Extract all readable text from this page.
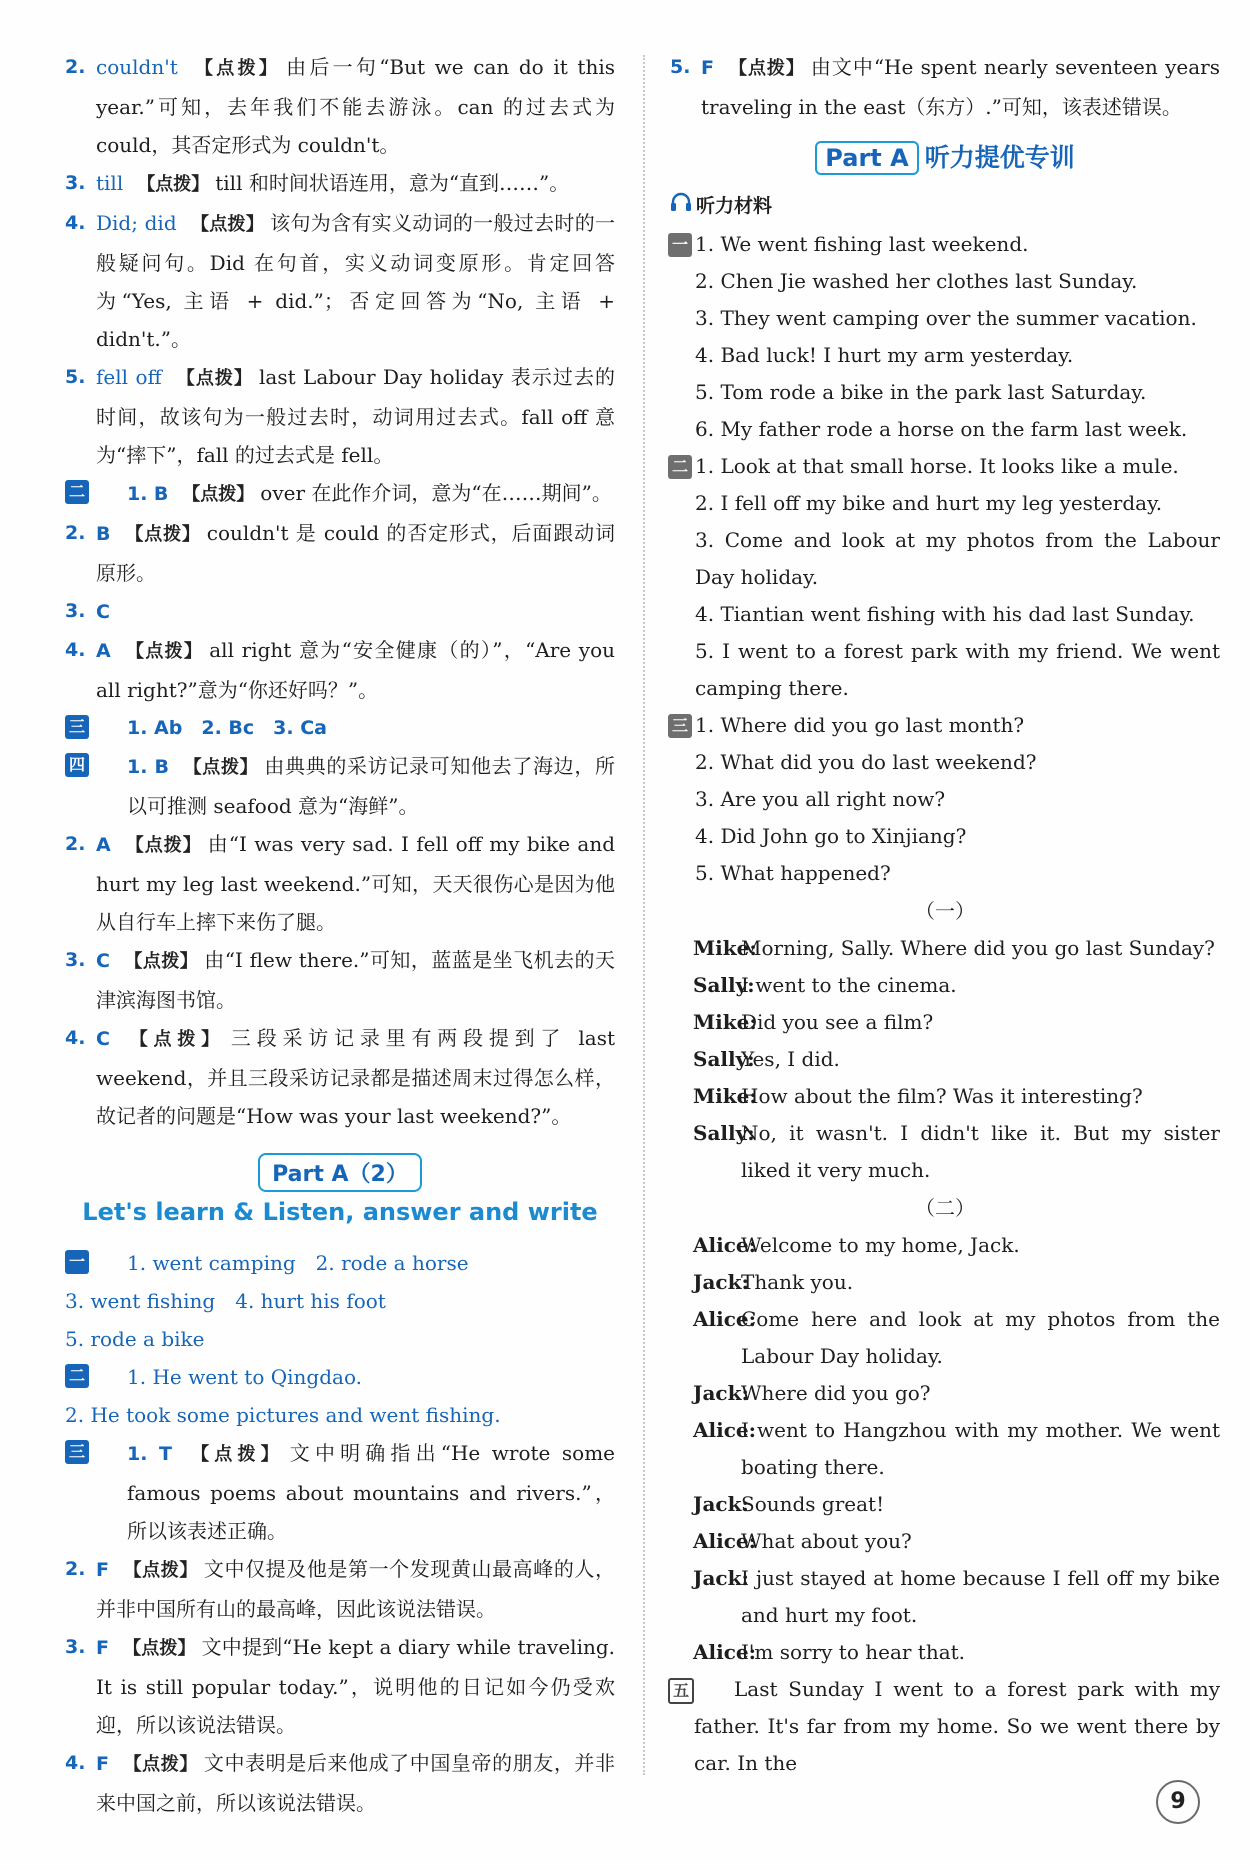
2. couldn't 【点拨】 由后一句“But we can do it this year.”可知，去年我们不能去游泳。can 的过去式为 could，其否定形式为 couldn't。
3. till 【点拨】 till 和时间状语连用，意为“直到……”。
4. Did; did 【点拨】 该句为含有实义动词的一般过去时的一般疑问句。Did 在句首，实义动词变原形。肯定回答为“Yes, 主语 + did.”；否定回答为“No, 主语 + didn't.”。
5. fell off 【点拨】 last Labour Day holiday 表示过去的时间，故该句为一般过去时，动词用过去式。fall off 意为“摔下”，fall 的过去式是 fell。
二	1. B 【点拨】 over 在此作介词，意为“在……期间”。
2. B 【点拨】 couldn't 是 could 的否定形式，后面跟动词原形。
3. C
4. A 【点拨】 all right 意为“安全健康（的）”，“Are you all right?”意为“你还好吗？”。
三	1. Ab　2. Bc　3. Ca
四	1. B 【点拨】 由典典的采访记录可知他去了海边，所以可推测 seafood 意为“海鲜”。
2. A 【点拨】 由“I was very sad. I fell off my bike and hurt my leg last weekend.”可知，天天很伤心是因为他从自行车上摔下来伤了腿。
3. C 【点拨】 由“I flew there.”可知，蓝蓝是坐飞机去的天津滨海图书馆。
4. C 【点拨】 三段采访记录里有两段提到了 last weekend，并且三段采访记录都是描述周末过得怎么样，故记者的问题是“How was your last weekend?”。
Part A（2）
Let's learn & Listen, answer and write
一	1. went camping　2. rode a horse
3. went fishing　4. hurt his foot
5. rode a bike
二	1. He went to Qingdao.
2. He took some pictures and went fishing.
三	1. T 【点拨】 文中明确指出“He wrote some famous poems about mountains and rivers.”，所以该表述正确。
2. F 【点拨】 文中仅提及他是第一个发现黄山最高峰的人，并非中国所有山的最高峰，因此该说法错误。
3. F 【点拨】 文中提到“He kept a diary while traveling. It is still popular today.”，说明他的日记如今仍受欢迎，所以该说法错误。
4. F 【点拨】 文中表明是后来他成了中国皇帝的朋友，并非来中国之前，所以该说法错误。
5. F 【点拨】 由文中“He spent nearly seventeen years traveling in the east（东方）.”可知，该表述错误。
Part A 听力提优专训
听力材料
一 1. We went fishing last weekend.
2. Chen Jie washed her clothes last Sunday.
3. They went camping over the summer vacation.
4. Bad luck! I hurt my arm yesterday.
5. Tom rode a bike in the park last Saturday.
6. My father rode a horse on the farm last week.
二 1. Look at that small horse. It looks like a mule.
2. I fell off my bike and hurt my leg yesterday.
3. Come and look at my photos from the Labour Day holiday.
4. Tiantian went fishing with his dad last Sunday.
5. I went to a forest park with my friend. We went camping there.
三 1. Where did you go last month?
2. What did you do last weekend?
3. Are you all right now?
4. Did John go to Xinjiang?
5. What happened?
（一）
Mike:
Morning, Sally. Where did you go last Sunday?
Sally:
I went to the cinema.
Mike:
Did you see a film?
Sally:
Yes, I did.
Mike:
How about the film? Was it interesting?
Sally:
No, it wasn't. I didn't like it. But my sister liked it very much.
（二）
Alice:
Welcome to my home, Jack.
Jack:
Thank you.
Alice:
Come here and look at my photos from the Labour Day holiday.
Jack:
Where did you go?
Alice:
I went to Hangzhou with my mother. We went boating there.
Jack:
Sounds great!
Alice:
What about you?
Jack:
I just stayed at home because I fell off my bike and hurt my foot.
Alice:
I'm sorry to hear that.
五 Last Sunday I went to a forest park with my father. It's far from my home. So we went there by car. In the
9
